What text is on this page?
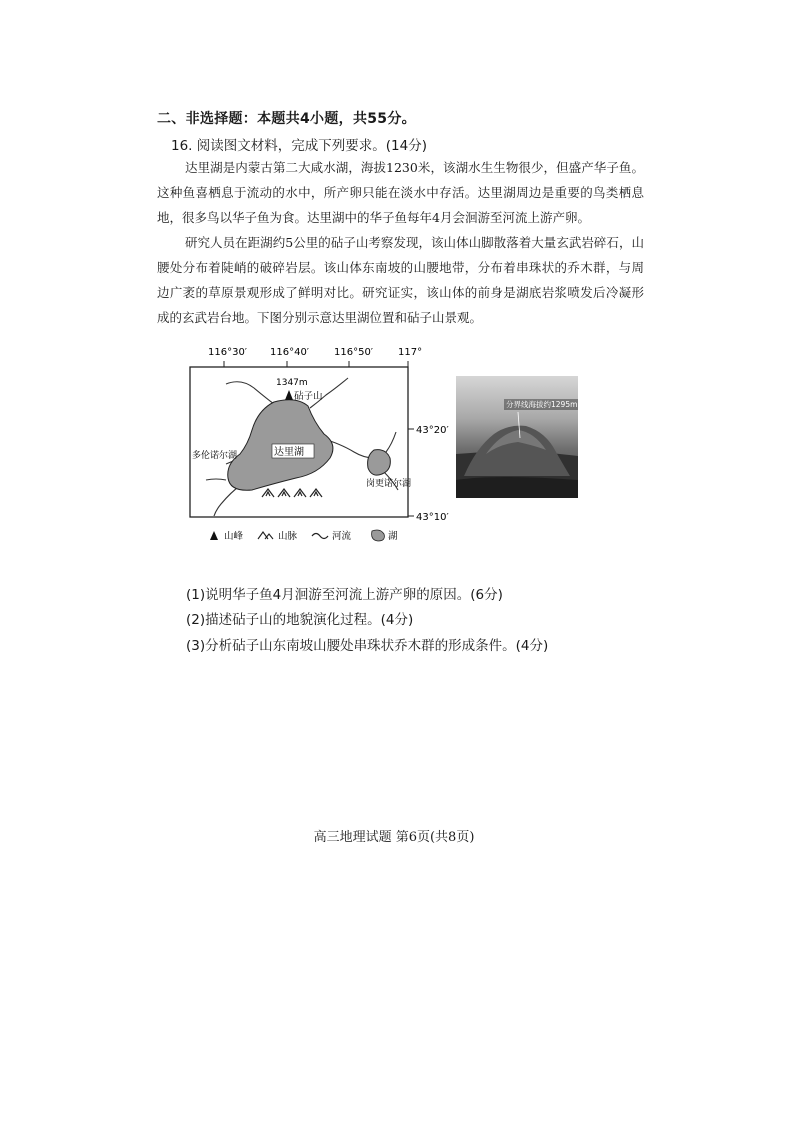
二、非选择题：本题共4小题，共55分。
16. 阅读图文材料，完成下列要求。(14分)
达里湖是内蒙古第二大咸水湖，海拔1230米，该湖水生生物很少，但盛产华子鱼。这种鱼喜栖息于流动的水中，所产卵只能在淡水中存活。达里湖周边是重要的鸟类栖息地，很多鸟以华子鱼为食。达里湖中的华子鱼每年4月会洄游至河流上游产卵。
研究人员在距湖约5公里的砧子山考察发现，该山体山脚散落着大量玄武岩碎石，山腰处分布着陡峭的破碎岩层。该山体东南坡的山腰地带，分布着串珠状的乔木群，与周边广袤的草原景观形成了鲜明对比。研究证实，该山体的前身是湖底岩浆喷发后冷凝形成的玄武岩台地。下图分别示意达里湖位置和砧子山景观。
116°30′ 116°40′ 116°50′ 117°
1347m
砧子山
达里湖
多伦诺尔湖
岗更诺尔湖
43°20′
43°10′
山峰	山脉	河流	湖
分界线海拔约1295m
(1)说明华子鱼4月洄游至河流上游产卵的原因。(6分)
(2)描述砧子山的地貌演化过程。(4分)
(3)分析砧子山东南坡山腰处串珠状乔木群的形成条件。(4分)
高三地理试题 第6页(共8页)
